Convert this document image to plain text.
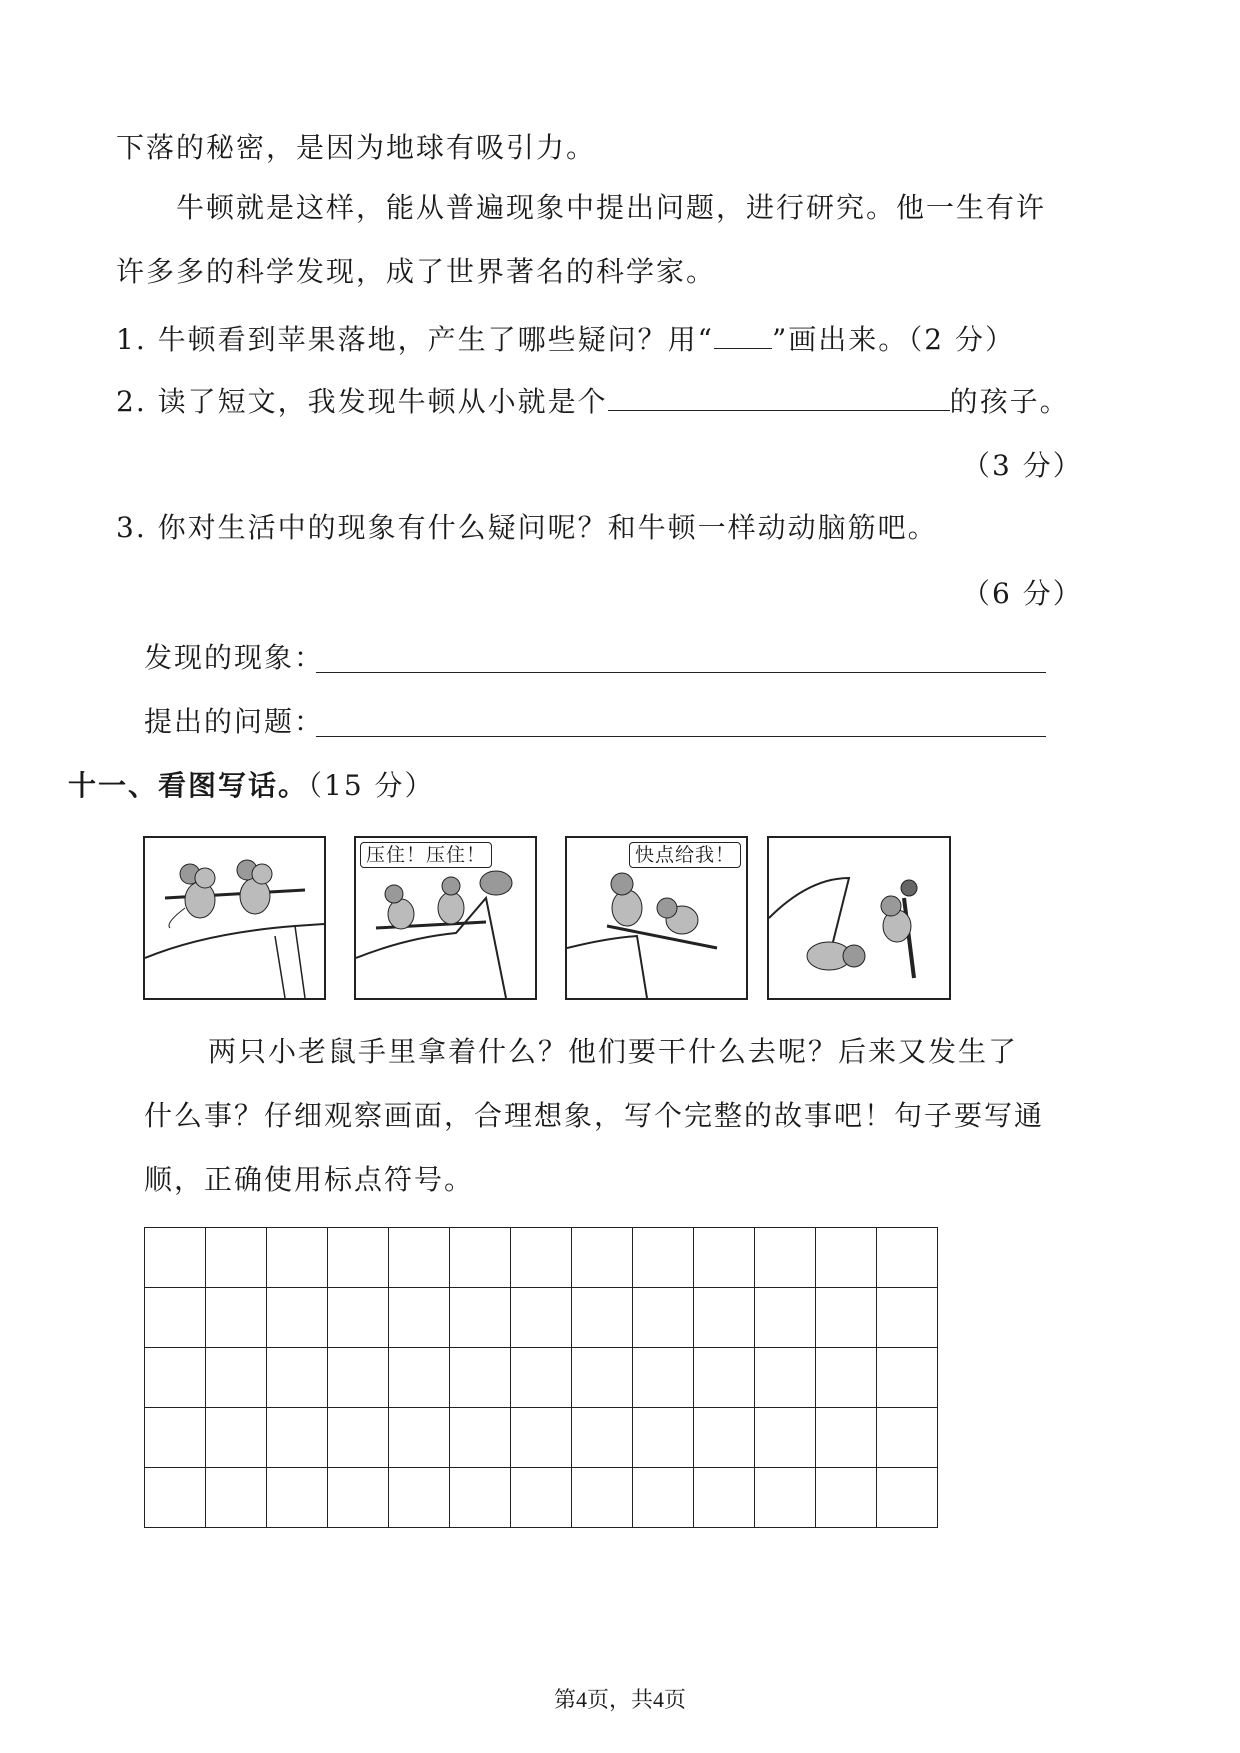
下落的秘密，是因为地球有吸引力。
牛顿就是这样，能从普遍现象中提出问题，进行研究。他一生有许
许多多的科学发现，成了世界著名的科学家。
1. 牛顿看到苹果落地，产生了哪些疑问？用“ ”画出来。（2 分）
2. 读了短文，我发现牛顿从小就是个	的孩子。
（3 分）
3. 你对生活中的现象有什么疑问呢？和牛顿一样动动脑筋吧。
（6 分）
发现的现象：
提出的问题：
十一、看图写话。（15 分）
压住！压住！	快点给我！
两只小老鼠手里拿着什么？他们要干什么去呢？后来又发生了
什么事？仔细观察画面，合理想象，写个完整的故事吧！句子要写通
顺，正确使用标点符号。

第4页，共4页
